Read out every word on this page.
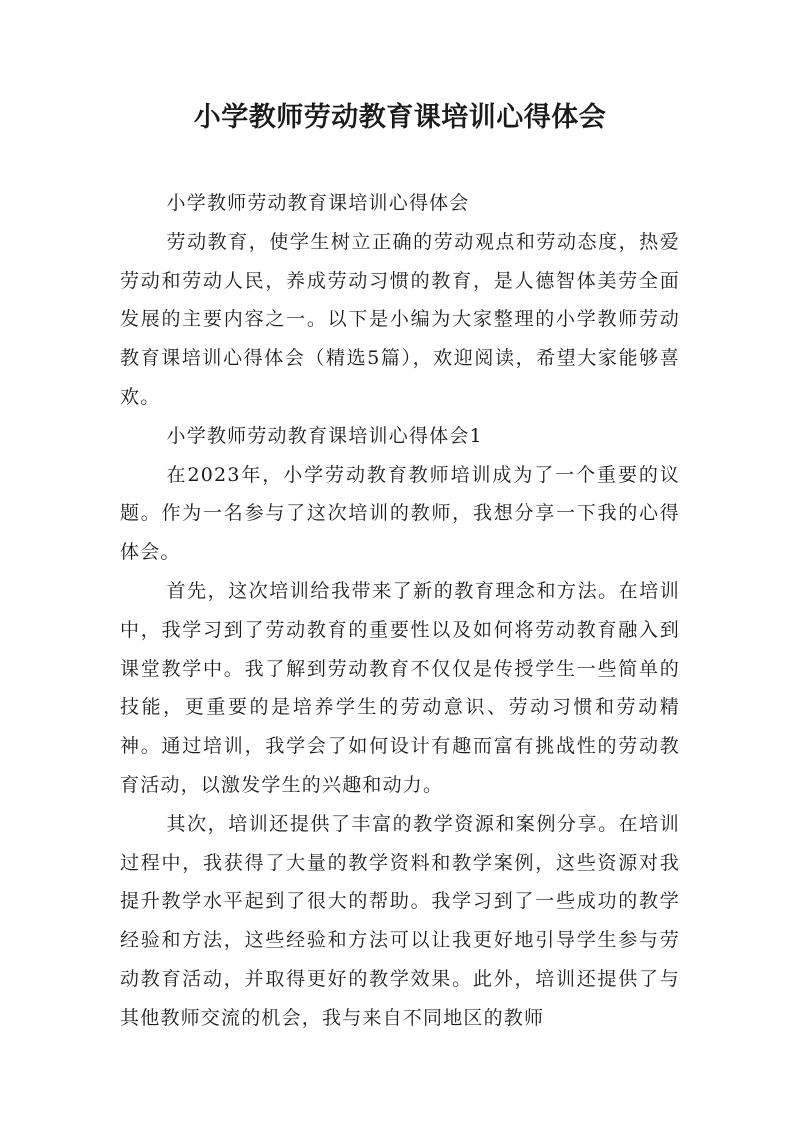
小学教师劳动教育课培训心得体会

小学教师劳动教育课培训心得体会

劳动教育，使学生树立正确的劳动观点和劳动态度，热爱劳动和劳动人民，养成劳动习惯的教育，是人德智体美劳全面发展的主要内容之一。以下是小编为大家整理的小学教师劳动教育课培训心得体会（精选5篇），欢迎阅读，希望大家能够喜欢。

小学教师劳动教育课培训心得体会1

在2023年，小学劳动教育教师培训成为了一个重要的议题。作为一名参与了这次培训的教师，我想分享一下我的心得体会。

首先，这次培训给我带来了新的教育理念和方法。在培训中，我学习到了劳动教育的重要性以及如何将劳动教育融入到课堂教学中。我了解到劳动教育不仅仅是传授学生一些简单的技能，更重要的是培养学生的劳动意识、劳动习惯和劳动精神。通过培训，我学会了如何设计有趣而富有挑战性的劳动教育活动，以激发学生的兴趣和动力。

其次，培训还提供了丰富的教学资源和案例分享。在培训过程中，我获得了大量的教学资料和教学案例，这些资源对我提升教学水平起到了很大的帮助。我学习到了一些成功的教学经验和方法，这些经验和方法可以让我更好地引导学生参与劳动教育活动，并取得更好的教学效果。此外，培训还提供了与其他教师交流的机会，我与来自不同地区的教师
